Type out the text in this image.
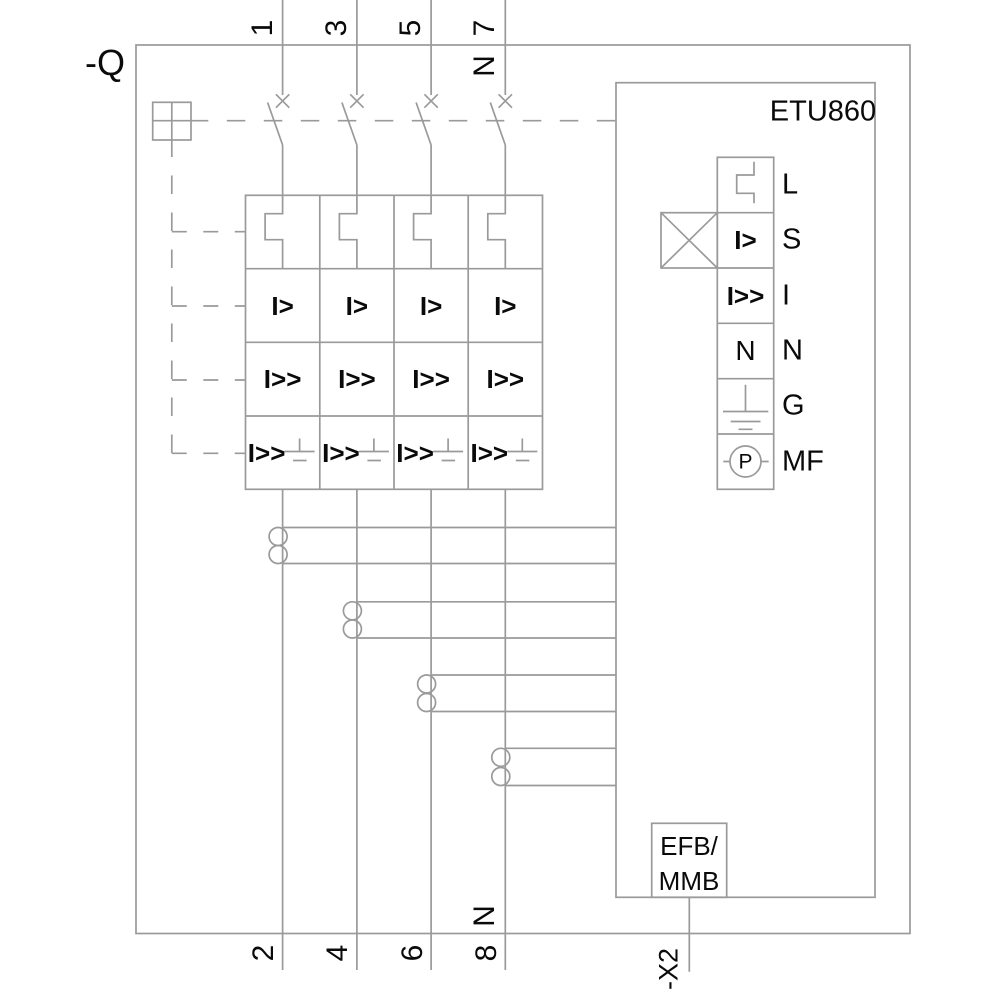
-Q
1 3 5 7
N
2 4 6 8
N
I> I> I> I>
I>> I>> I>> I>>
I>> I>> I>> I>>
ETU860
I>
I>>
N
P
L
S
I
N
G
MF
EFB/
MMB
-X2
